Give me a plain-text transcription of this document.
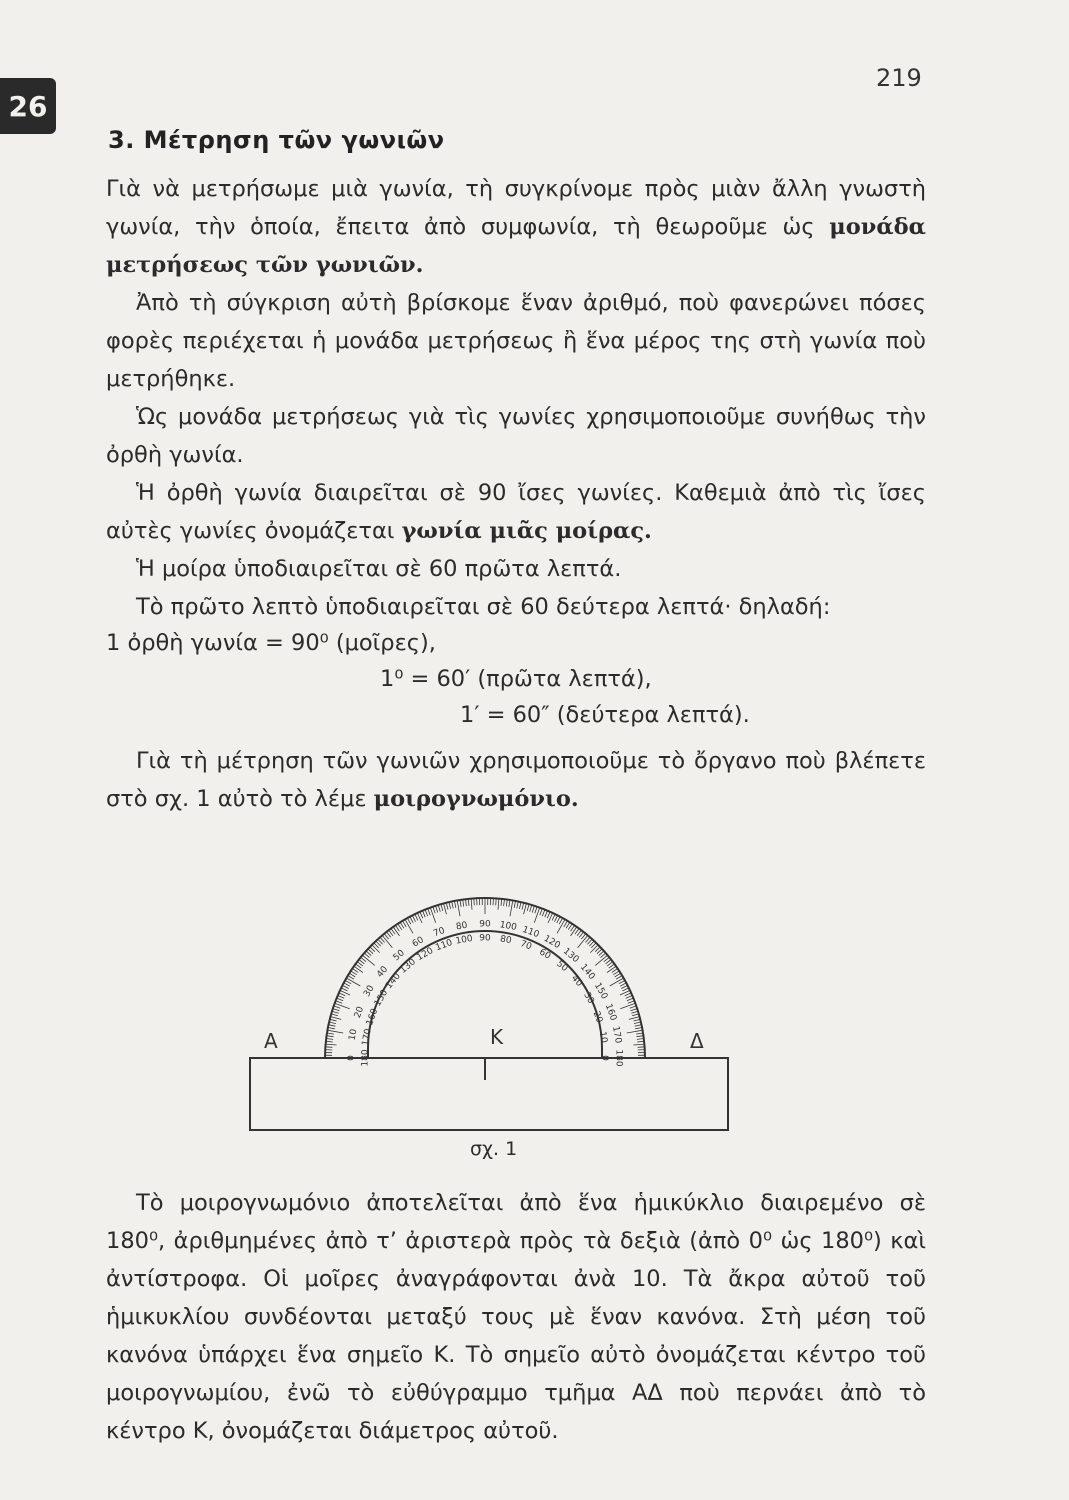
219
26
3. Μέτρηση τῶν γωνιῶν

Γιὰ νὰ μετρήσωμε μιὰ γωνία, τὴ συγκρίνομε πρὸς μιὰν ἄλλη γνωστὴ γωνία, τὴν ὁποία, ἔπειτα ἀπὸ συμφωνία, τὴ θεωροῦμε ὡς μονάδα μετρήσεως τῶν γωνιῶν.

Ἀπὸ τὴ σύγκριση αὐτὴ βρίσκομε ἕναν ἀριθμό, ποὺ φανερώνει πόσες φορὲς περιέχεται ἡ μονάδα μετρήσεως ἢ ἕνα μέρος της στὴ γωνία ποὺ μετρήθηκε.

Ὡς μονάδα μετρήσεως γιὰ τὶς γωνίες χρησιμοποιοῦμε συνήθως τὴν ὀρθὴ γωνία.

Ἡ ὀρθὴ γωνία διαιρεῖται σὲ 90 ἴσες γωνίες. Καθεμιὰ ἀπὸ τὶς ἴσες αὐτὲς γωνίες ὀνομάζεται γωνία μιᾶς μοίρας.

Ἡ μοίρα ὑποδιαιρεῖται σὲ 60 πρῶτα λεπτά.

Τὸ πρῶτο λεπτὸ ὑποδιαιρεῖται σὲ 60 δεύτερα λεπτά· δηλαδή:

1 ὀρθὴ γωνία = 90⁰ (μοῖρες),
1⁰ = 60′ (πρῶτα λεπτά),
1′ = 60″ (δεύτερα λεπτά).

Γιὰ τὴ μέτρηση τῶν γωνιῶν χρησιμοποιοῦμε τὸ ὄργανο ποὺ βλέπετε στὸ σχ. 1 αὐτὸ τὸ λέμε μοιρογνωμόνιο.

0 180
10 170
20
160
30
150
40
140
50
130
60
120
70
110
80
100
90
90
100
80
110
70 120
60 130
50 140
40
150
30
160
20
170
10
180
0
Α	Κ	Δ
σχ. 1

Τὸ μοιρογνωμόνιο ἀποτελεῖται ἀπὸ ἕνα ἡμικύκλιο διαιρεμένο σὲ 180⁰, ἀριθμημένες ἀπὸ τ’ ἀριστερὰ πρὸς τὰ δεξιὰ (ἀπὸ 0⁰ ὡς 180⁰) καὶ ἀντίστροφα. Οἱ μοῖρες ἀναγράφονται ἀνὰ 10. Τὰ ἄκρα αὐτοῦ τοῦ ἡμικυκλίου συνδέονται μεταξύ τους μὲ ἕναν κανόνα. Στὴ μέση τοῦ κανόνα ὑπάρχει ἕνα σημεῖο Κ. Τὸ σημεῖο αὐτὸ ὀνομάζεται κέντρο τοῦ μοιρογνωμίου, ἐνῶ τὸ εὐθύγραμμο τμῆμα ΑΔ ποὺ περνάει ἀπὸ τὸ κέντρο Κ, ὀνομάζεται διάμετρος αὐτοῦ.
